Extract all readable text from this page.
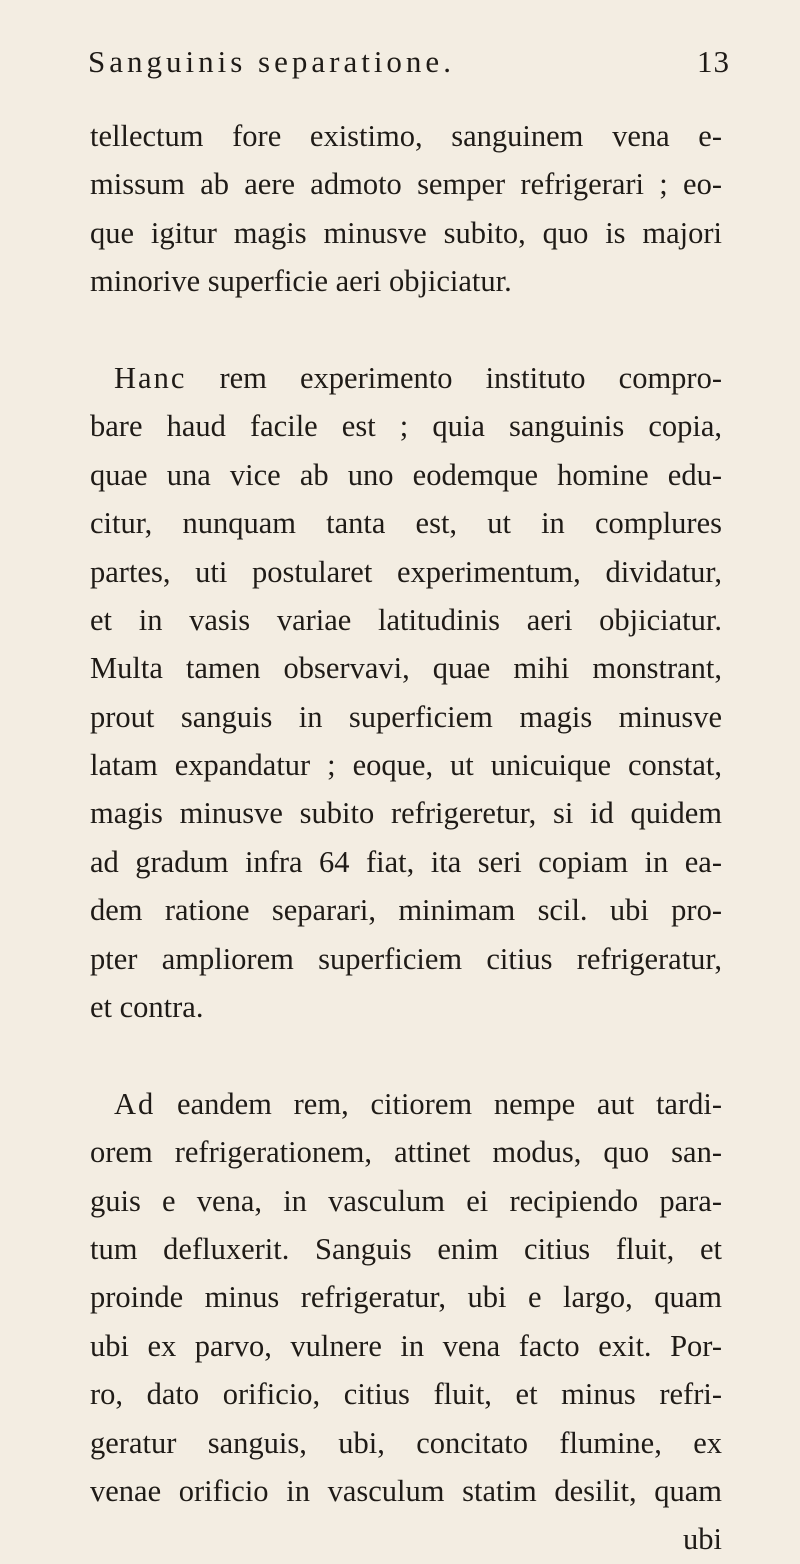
Sanguinis separatione.	13
tellectum fore existimo, sanguinem vena e-
missum ab aere admoto semper refrigerari ; eo-
que igitur magis minusve subito, quo is majori
minorive superficie aeri objiciatur.
Hanc rem experimento instituto compro-
bare haud facile est ; quia sanguinis copia,
quae una vice ab uno eodemque homine edu-
citur, nunquam tanta est, ut in complures
partes, uti postularet experimentum, dividatur,
et in vasis variae latitudinis aeri objiciatur.
Multa tamen observavi, quae mihi monstrant,
prout sanguis in superficiem magis minusve
latam expandatur ; eoque, ut unicuique constat,
magis minusve subito refrigeretur, si id quidem
ad gradum infra 64 fiat, ita seri copiam in ea-
dem ratione separari, minimam scil. ubi pro-
pter ampliorem superficiem citius refrigeratur,
et contra.
Ad eandem rem, citiorem nempe aut tardi-
orem refrigerationem, attinet modus, quo san-
guis e vena, in vasculum ei recipiendo para-
tum defluxerit. Sanguis enim citius fluit, et
proinde minus refrigeratur, ubi e largo, quam
ubi ex parvo, vulnere in vena facto exit. Por-
ro, dato orificio, citius fluit, et minus refri-
geratur sanguis, ubi, concitato flumine, ex
venae orificio in vasculum statim desilit, quam
ubi
